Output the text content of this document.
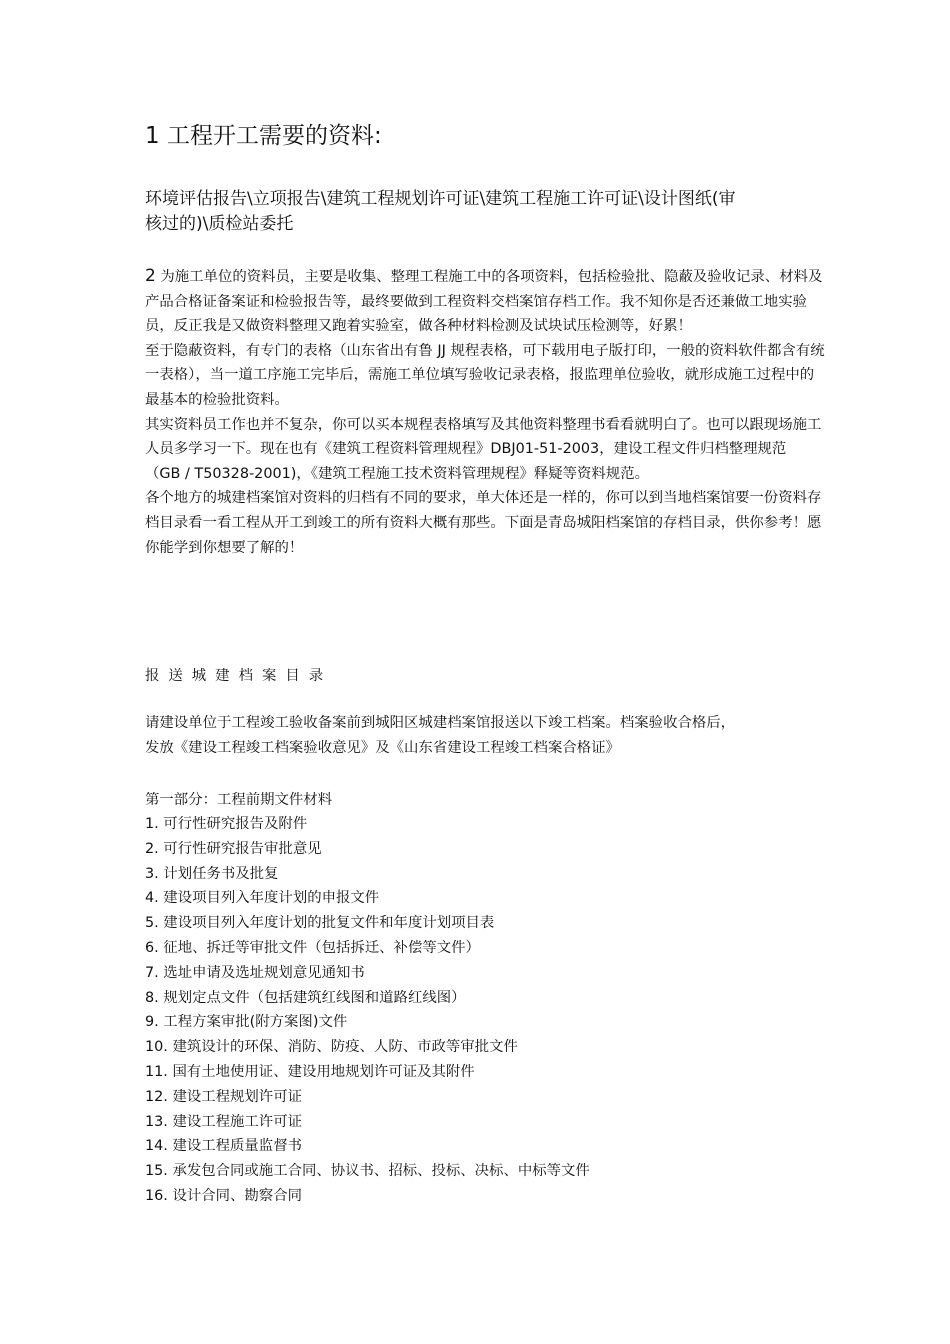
1 工程开工需要的资料:
环境评估报告\立项报告\建筑工程规划许可证\建筑工程施工许可证\设计图纸(审
核过的)\质检站委托

2 为施工单位的资料员，主要是收集、整理工程施工中的各项资料，包括检验批、隐蔽及验收记录、材料及产品合格证备案证和检验报告等，最终要做到工程资料交档案馆存档工作。我不知你是否还兼做工地实验员，反正我是又做资料整理又跑着实验室，做各种材料检测及试块试压检测等，好累！

至于隐蔽资料，有专门的表格（山东省出有鲁 JJ 规程表格，可下载用电子版打印，一般的资料软件都含有统一表格），当一道工序施工完毕后，需施工单位填写验收记录表格，报监理单位验收，就形成施工过程中的最基本的检验批资料。

其实资料员工作也并不复杂，你可以买本规程表格填写及其他资料整理书看看就明白了。也可以跟现场施工人员多学习一下。现在也有《建筑工程资料管理规程》DBJ01-51-2003，建设工程文件归档整理规范 （GB / T50328-2001)，《建筑工程施工技术资料管理规程》释疑等资料规范。

各个地方的城建档案馆对资料的归档有不同的要求，单大体还是一样的，你可以到当地档案馆要一份资料存档目录看一看工程从开工到竣工的所有资料大概有那些。下面是青岛城阳档案馆的存档目录，供你参考！愿你能学到你想要了解的！

报送城建档案目录

请建设单位于工程竣工验收备案前到城阳区城建档案馆报送以下竣工档案。档案验收合格后，

发放《建设工程竣工档案验收意见》及《山东省建设工程竣工档案合格证》

第一部分：工程前期文件材料
1. 可行性研究报告及附件
2. 可行性研究报告审批意见
3. 计划任务书及批复
4. 建设项目列入年度计划的申报文件
5. 建设项目列入年度计划的批复文件和年度计划项目表
6. 征地、拆迁等审批文件（包括拆迁、补偿等文件）
7. 选址申请及选址规划意见通知书
8. 规划定点文件（包括建筑红线图和道路红线图）
9. 工程方案审批(附方案图)文件
10. 建筑设计的环保、消防、防疫、人防、市政等审批文件
11. 国有土地使用证、建设用地规划许可证及其附件
12. 建设工程规划许可证
13. 建设工程施工许可证
14. 建设工程质量监督书
15. 承发包合同或施工合同、协议书、招标、投标、决标、中标等文件
16. 设计合同、勘察合同
